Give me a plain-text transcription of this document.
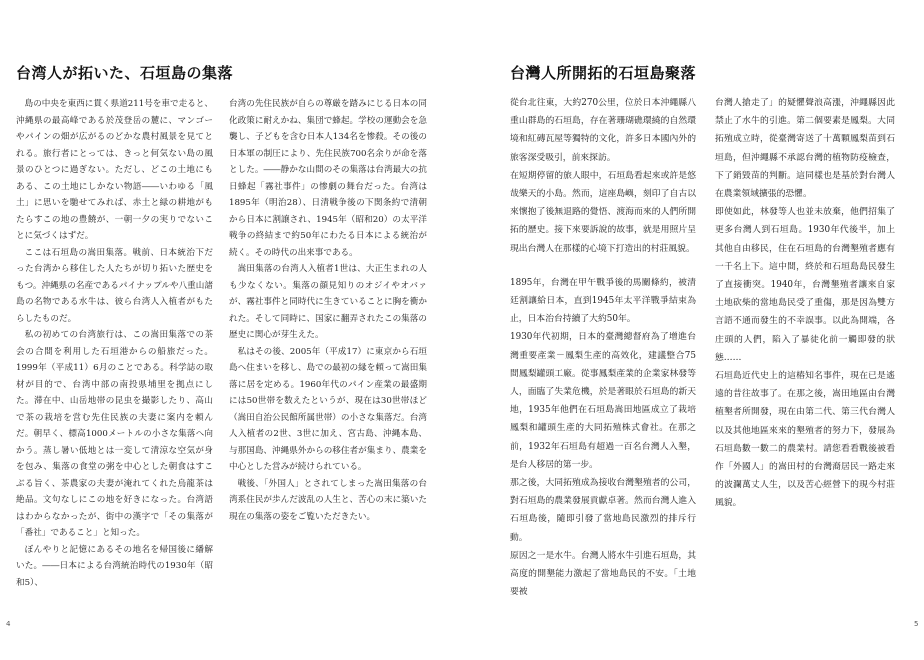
台湾人が拓いた、石垣島の集落

島の中央を東西に貫く県道211号を車で走ると、沖縄県の最高峰である於茂登岳の麓に、マンゴーやパインの畑が広がるのどかな農村風景を見てとれる。旅行者にとっては、きっと何気ない島の風景のひとつに過ぎない。ただし、どこの土地にもある、この土地にしかない物語――いわゆる「風土」に思いを馳せてみれば、赤土と緑の耕地がもたらすこの地の豊饒が、一朝一夕の実りでないことに気づくはずだ。

ここは石垣島の嵩田集落。戦前、日本統治下だった台湾から移住した人たちが切り拓いた歴史をもつ。沖縄県の名産であるパイナップルや八重山諸島の名物である水牛は、彼ら台湾人入植者がもたらしたものだ。

私の初めての台湾旅行は、この嵩田集落での茶会の合間を利用した石垣港からの船旅だった。1999年（平成11）6月のことである。科学誌の取材が目的で、台湾中部の南投県埔里を拠点にした。滞在中、山岳地帯の昆虫を撮影したり、高山で茶の栽培を営む先住民族の夫妻に案内を頼んだ。朝早く、標高1000メートルの小さな集落へ向かう。蒸し暑い低地とは一変して清涼な空気が身を包み、集落の食堂の粥を中心とした朝食はすこぶる旨く、茶農家の夫妻が淹れてくれた烏龍茶は絶品。文句なしにこの地を好きになった。台湾語はわからなかったが、街中の漢字で「その集落が「番社」であること」と知った。

ぼんやりと記憶にあるその地名を帰国後に繙解いた。――日本による台湾統治時代の1930年（昭和5）、

台湾の先住民族が自らの尊厳を踏みにじる日本の同化政策に耐えかね、集団で蜂起。学校の運動会を急襲し、子どもを含む日本人134名を惨殺。その後の日本軍の制圧により、先住民族700名余りが命を落とした。――静かな山間のその集落は台湾最大の抗日蜂起「霧社事件」の惨劇の舞台だった。台湾は1895年（明治28）、日清戦争後の下関条約で清朝から日本に割譲され、1945年（昭和20）の太平洋戦争の終結まで約50年にわたる日本による統治が続く。その時代の出来事である。

嵩田集落の台湾人入植者1世は、大正生まれの人も少なくない。集落の顔見知りのオジイやオバァが、霧社事件と同時代に生きていることに胸を衝かれた。そして同時に、国家に翻弄されたこの集落の歴史に関心が芽生えた。

私はその後、2005年（平成17）に東京から石垣島へ住まいを移し、島での最初の縁を頼って嵩田集落に居を定める。1960年代のパイン産業の最盛期には50世帯を数えたというが、現在は30世帯ほど（嵩田自治公民館所属世帯）の小さな集落だ。台湾人入植者の2世、3世に加え、宮古島、沖縄本島、与那国島、沖縄県外からの移住者が集まり、農業を中心とした営みが続けられている。

戦後、「外国人」とされてしまった嵩田集落の台湾系住民が歩んだ波乱の人生と、苦心の末に築いた現在の集落の姿をご覧いただきたい。

4
台灣人所開拓的石垣島聚落

從台北往東，大約270公里，位於日本沖繩縣八重山群島的石垣島，存在著珊瑚礁環繞的自然環境和紅磚瓦屋等獨特的文化，許多日本國內外的旅客深受吸引，前來探訪。

在短期停留的旅人眼中，石垣島看起來或許是悠哉樂天的小島。然而，這座島嶼，刻印了自古以來懷抱了後無退路的覺悟、渡海而來的人們所開拓的歷史。接下來要訴說的故事，就是用照片呈現出台灣人在那樣的心境下打造出的村莊風貌。

1895年，台灣在甲午戰爭後的馬關條約，被清廷割讓給日本，直到1945年太平洋戰爭結束為止，日本治台持續了大約50年。

1930年代初期，日本的臺灣總督府為了增進台灣重要產業－鳳梨生產的高效化，建議整合75間鳳梨罐頭工廠。從事鳳梨產業的企業家林發等人，面臨了失業危機，於是著眼於石垣島的新天地，1935年他們在石垣島嵩田地區成立了栽培鳳梨和罐頭生產的大同拓殖株式會社。在那之前，1932年石垣島有超過一百名台灣人入墾，是台人移居的第一步。

那之後，大同拓殖成為接收台灣墾殖者的公司，對石垣島的農業發展貢獻卓著。然而台灣人進入石垣島後，隨即引發了當地島民激烈的排斥行動。

原因之一是水牛。台灣人將水牛引進石垣島，其高度的開墾能力激起了當地島民的不安。「土地要被

台灣人搶走了」的疑懼聲浪高漲，沖繩縣因此禁止了水牛的引進。第二個要素是鳳梨。大同拓殖成立時，從臺灣寄送了十萬顆鳳梨苗到石垣島，但沖繩縣不承認台灣的植物防疫檢查，下了銷毀苗的判斷。這同樣也是基於對台灣人在農業領域擴張的恐懼。

即使如此，林發等人也並未放棄，他們招集了更多台灣人到石垣島。1930年代後半，加上其他自由移民，住在石垣島的台灣墾殖者應有一千名上下。這中間，終於和石垣島島民發生了直接衝突。1940年，台灣墾殖者讓來自家土地砍柴的當地島民受了重傷，那是因為雙方言語不通而發生的不幸誤事。以此為開端，各庄頭的人們，陷入了暴徒化前一觸即發的狀態……

石垣島近代史上的這樁知名事件，現在已是遙遠的昔往故事了。在那之後，嵩田地區由台灣植墾者所開發，現在由第二代、第三代台灣人以及其他地區來來的墾殖者的努力下，發展為石垣島數一數二的農業村。請您看看戰後被看作「外國人」的嵩田村的台灣裔居民一路走來的波瀾萬丈人生，以及苦心經營下的現今村莊風貌。

5
